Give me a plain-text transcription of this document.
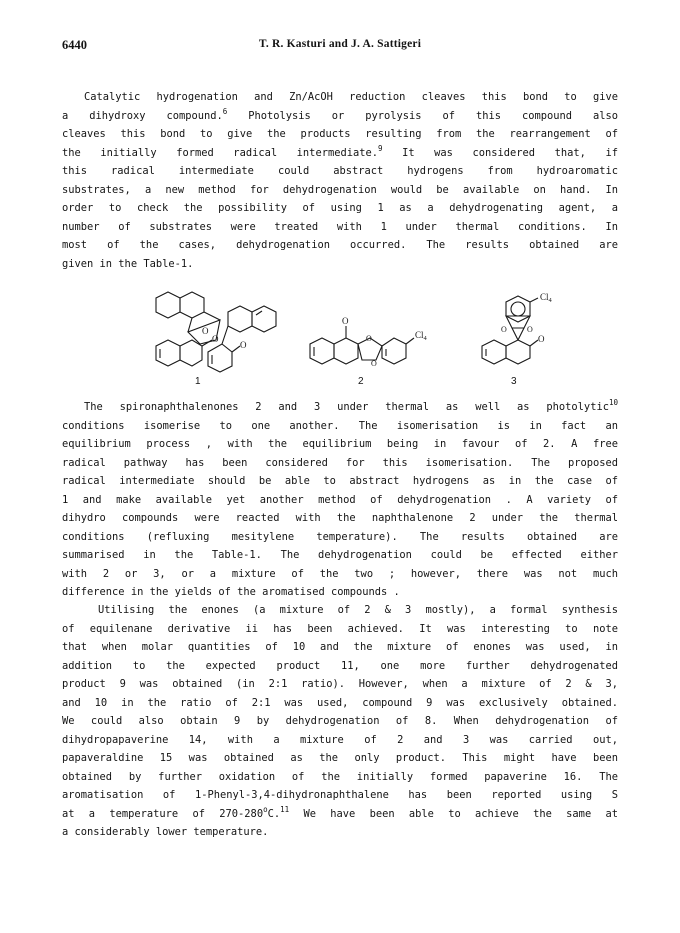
6440	T. R. Kasturi and J. A. Sattigeri
Catalytic hydrogenation and Zn/AcOH reduction cleaves this bond to give
a dihydroxy compound.$^6$ Photolysis or pyrolysis of this compound also
cleaves this bond to give the products resulting from the rearrangement of
the initially formed radical intermediate.$^9$ It was considered that, if
this radical intermediate could abstract hydrogens from hydroaromatic
substrates, a new method for dehydrogenation would be available on hand. In
order to check the possibility of using 1 as a dehydrogenating agent, a
number of substrates were treated with 1 under thermal conditions. In
most of the cases, dehydrogenation occurred. The results obtained are
given in the Table-1.
O
O
O
O
O
O
$Cl_4$
O	O
O
$Cl_4$
1	2	3
The spironaphthalenones 2 and 3 under thermal as well as photolytic$^{10}$
conditions isomerise to one another. The isomerisation is in fact an
equilibrium process , with the equilibrium being in favour of 2. A free
radical pathway has been considered for this isomerisation. The proposed
radical intermediate should be able to abstract hydrogens as in the case of
1 and make available yet another method of dehydrogenation . A variety of
dihydro compounds were reacted with the naphthalenone 2 under the thermal
conditions (refluxing mesitylene temperature). The results obtained are
summarised in the Table-1. The dehydrogenation could be effected either
with 2 or 3, or a mixture of the two ; however, there was not much
difference in the yields of the aromatised compounds .
Utilising the enones (a mixture of 2 & 3 mostly), a formal synthesis
of equilenane derivative ii has been achieved. It was interesting to note
that when molar quantities of 10 and the mixture of enones was used, in
addition to the expected product 11, one more further dehydrogenated
product 9 was obtained (in 2:1 ratio). However, when a mixture of 2 & 3,
and 10 in the ratio of 2:1 was used, compound 9 was exclusively obtained.
We could also obtain 9 by dehydrogenation of 8. When dehydrogenation of
dihydropapaverine 14, with a mixture of 2 and 3 was carried out,
papaveraldine 15 was obtained as the only product. This might have been
obtained by further oxidation of the initially formed papaverine 16. The
aromatisation of 1-Phenyl-3,4-dihydronaphthalene has been reported using S
at a temperature of 270-280$^o$C.$^{11}$ We have been able to achieve the same at
a considerably lower temperature.
